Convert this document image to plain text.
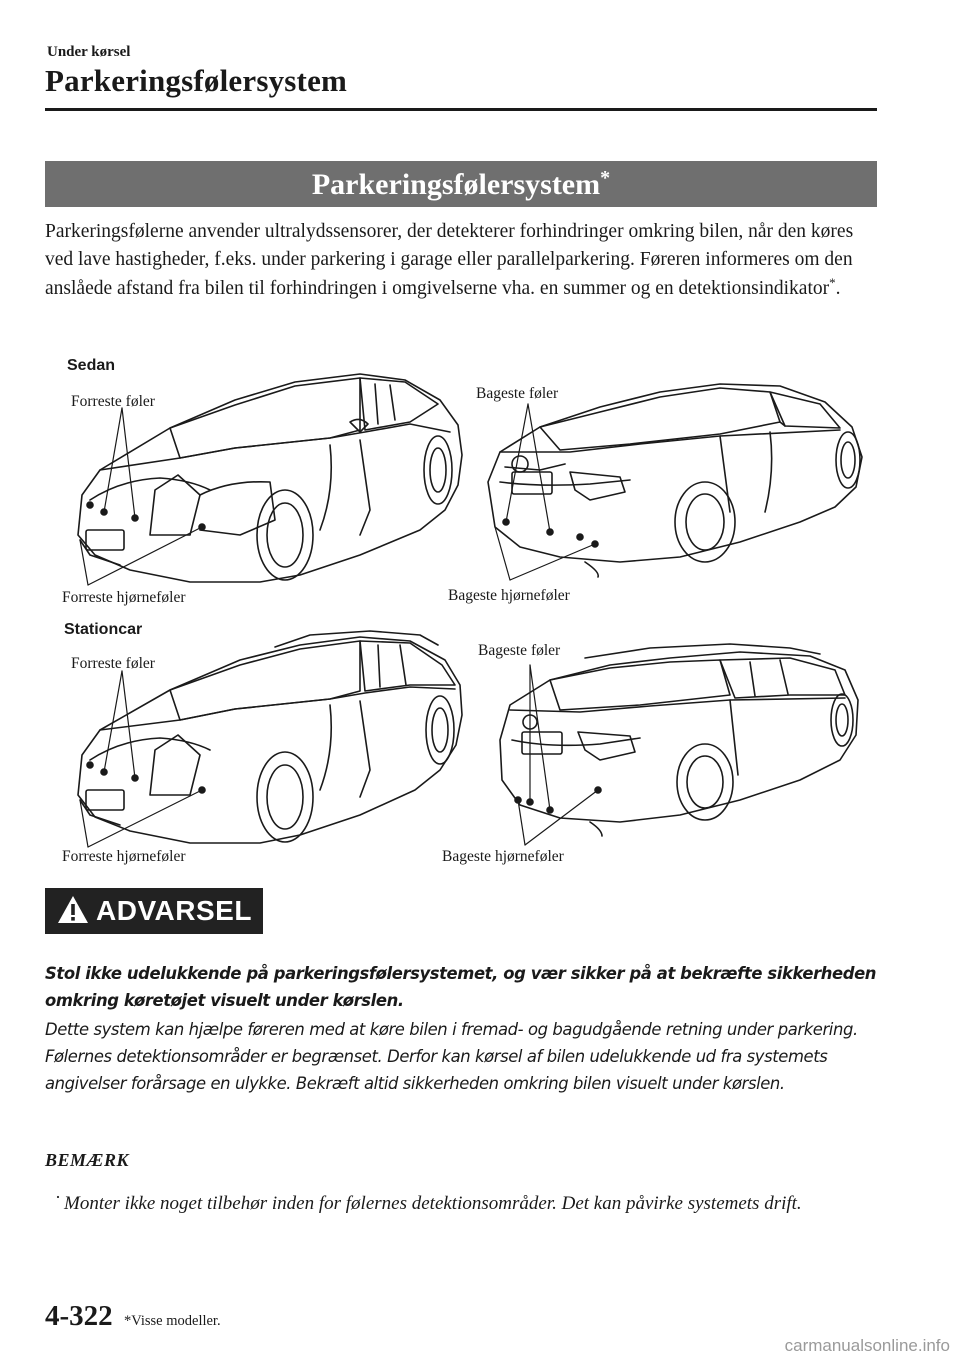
Under kørsel
Parkeringsfølersystem
Parkeringsfølersystem*
Parkeringsfølerne anvender ultralydssensorer, der detekterer forhindringer omkring bilen, når den køres ved lave hastigheder, f.eks. under parkering i garage eller parallelparkering. Føreren informeres om den anslåede afstand fra bilen til forhindringen i omgivelserne vha. en summer og en detektionsindikator*.
Sedan
Forreste føler
Forreste hjørneføler
Bageste føler
Bageste hjørneføler
Stationcar
Forreste føler
Forreste hjørneføler
Bageste føler
Bageste hjørneføler
ADVARSEL
Stol ikke udelukkende på parkeringsfølersystemet, og vær sikker på at bekræfte sikkerheden omkring køretøjet visuelt under kørslen.
Dette system kan hjælpe føreren med at køre bilen i fremad- og bagudgående retning under parkering. Følernes detektionsområder er begrænset. Derfor kan kørsel af bilen udelukkende ud fra systemets angivelser forårsage en ulykke. Bekræft altid sikkerheden omkring bilen visuelt under kørslen.
BEMÆRK
· Monter ikke noget tilbehør inden for følernes detektionsområder. Det kan påvirke systemets drift.
4-322 *Visse modeller.
carmanualsonline.info
